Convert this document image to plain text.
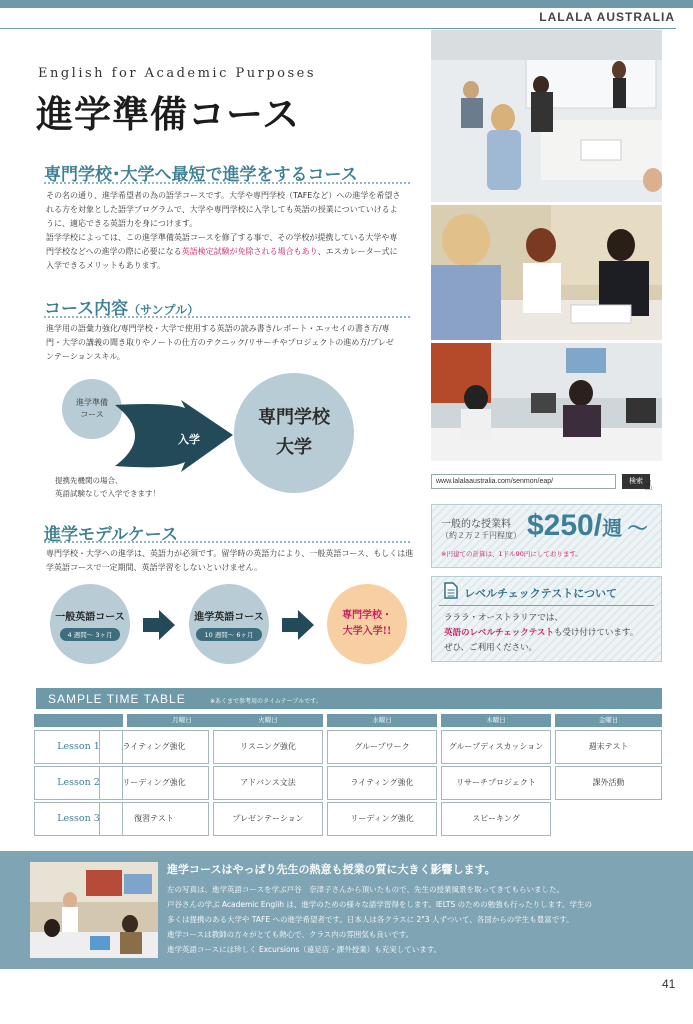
LALALA AUSTRALIA
English for Academic Purposes
進学準備コース
専門学校･大学へ最短で進学をするコース
その名の通り、進学希望者の為の語学コースです。大学や専門学校（TAFEなど）への進学を希望さ
れる方を対象とした語学プログラムで、大学や専門学校に入学しても英語の授業についていけるよ
うに、適応できる英語力を身につけます。
語学学校によっては、この進学準備英語コースを修了する事で、その学校が提携している大学や専
門学校などへの進学の際に必要になる英語検定試験が免除される場合もあり、エスカレーター式に
入学できるメリットもあります。
コース内容（サンプル）
進学用の語彙力強化/専門学校・大学で使用する英語の読み書き/レポート・エッセイの書き方/専
門・大学の講義の聞き取りやノートの仕方のテクニック/リサーチやプロジェクトの進め方/プレゼ
ンテーションスキル。
進学準備
コース
入学
専門学校
大学
提携先機関の場合、
英語試験なしで入学できます！
進学モデルケース
専門学校・大学への進学は、英語力が必須です。留学時の英語力により、一般英語コース、もしくは進
学英語コースで一定期間、英語学習をしないといけません。
一般英語コース
4 週間～ 3ヶ月
進学英語コース
10 週間～ 6ヶ月
専門学校・
大学入学!!
www.lalalaaustralia.com/senmon/eap/	検索 ☝
一般的な授業料
（約２万２千円程度） $250/週 ～
※円建ての計算は、1ドル90円にしております。
レベルチェックテストについて
ラララ・オーストラリアでは、
英語のレベルチェックテストも受け付けています。
ぜひ、ご利用ください。
SAMPLE TIME TABLE	※あくまで参考用のタイムテーブルです。
月曜日	火曜日	水曜日	木曜日	金曜日
Lesson 1	ライティング強化	リスニング強化	グループワーク	グループディスカッション	週末テスト
Lesson 2	リーディング強化	アドバンス文法	ライティング強化	リサーチプロジェクト	課外活動
Lesson 3	復習テスト	プレゼンテーション	リーディング強化	スピーキング
進学コースはやっぱり先生の熱意も授業の質に大きく影響します。
左の写真は、進学英語コースを学ぶ戸谷　奈津子さんから頂いたもので、先生の授業風景を取ってきてもらいました。
戸谷さんの学ぶ Academic Englih は、進学のための様々な語学習得をします。IELTS のための勉強も行ったりします。学生の
多くは提携のある大学や TAFE への進学希望者です。日本人は各クラスに 2"3 人ずついて、各国からの学生も豊富です。
進学コースは教師の方々がとても熱心で、クラス内の雰囲気も良いです。
進学英語コースには珍しく Excursions（遠足店・課外授業）も充実しています。
41
